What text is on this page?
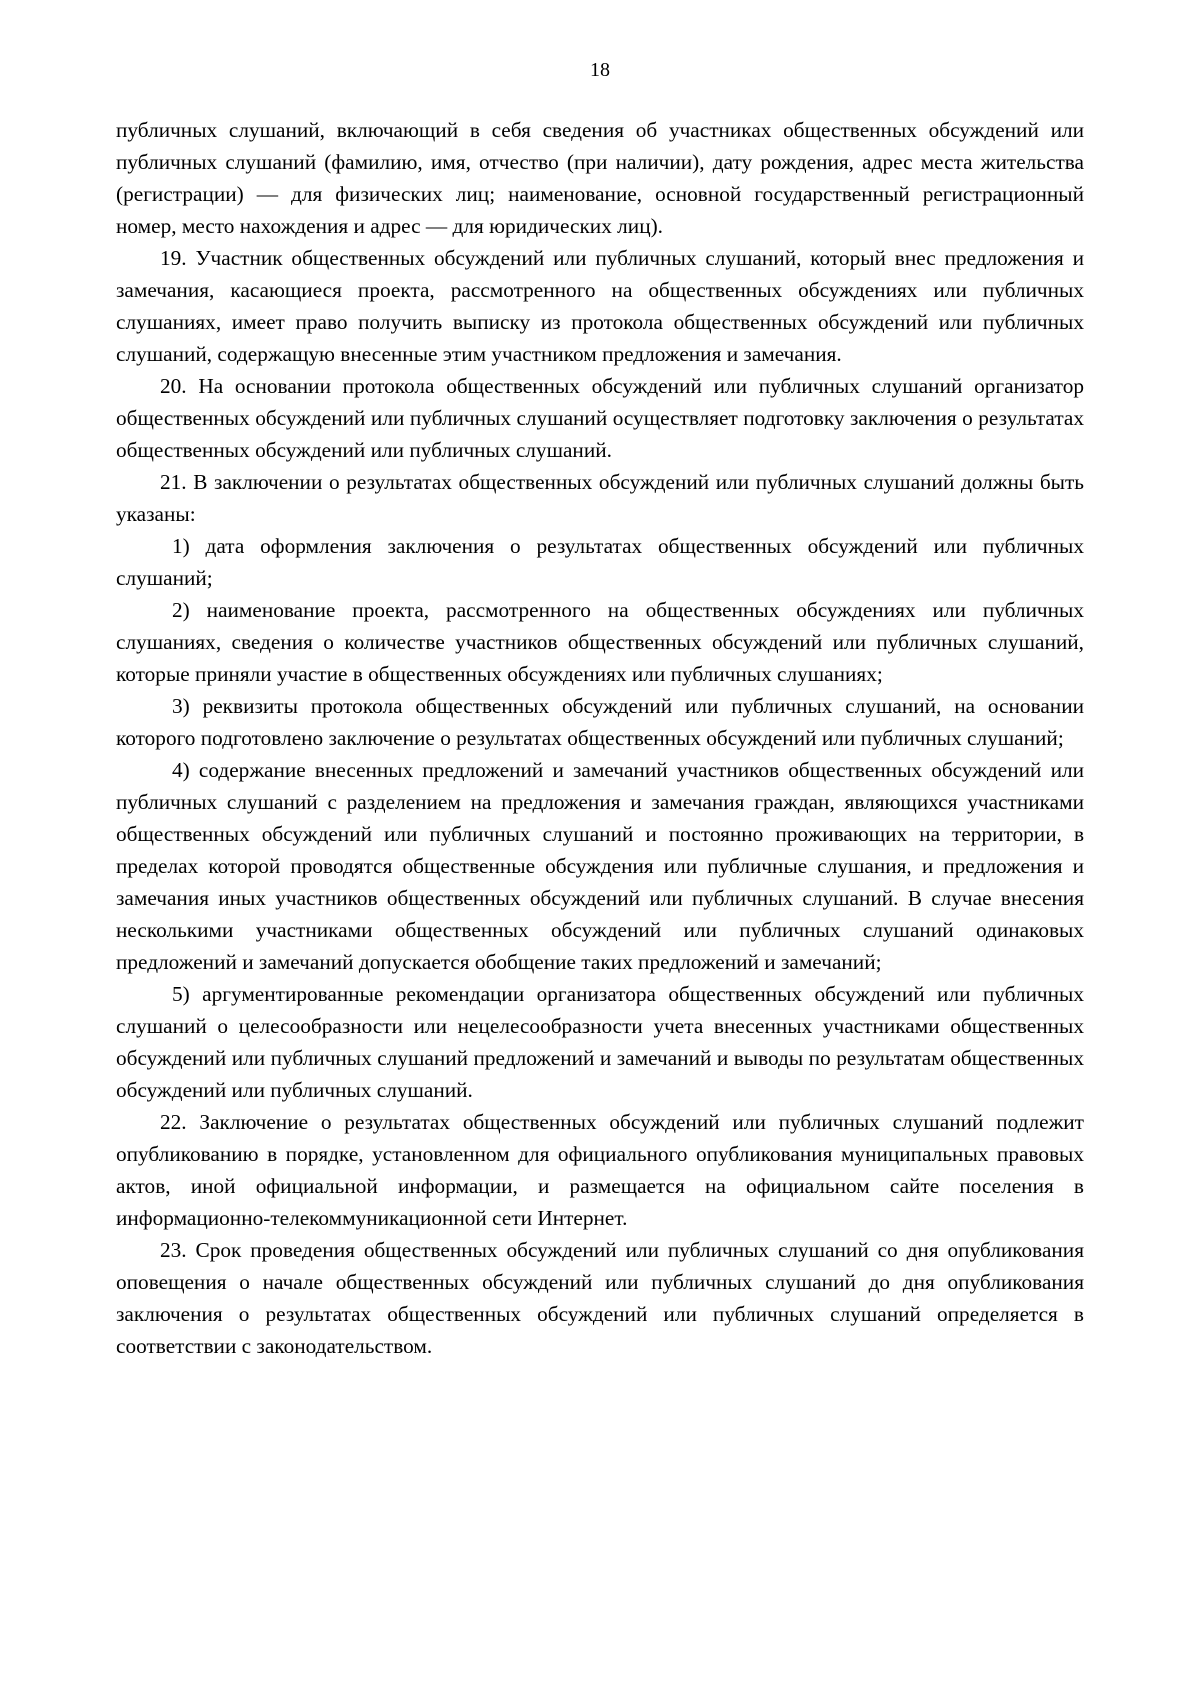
18

публичных слушаний, включающий в себя сведения об участниках общественных обсуждений или публичных слушаний (фамилию, имя, отчество (при наличии), дату рождения, адрес места жительства (регистрации) — для физических лиц; наименование, основной государственный регистрационный номер, место нахождения и адрес — для юридических лиц).

19. Участник общественных обсуждений или публичных слушаний, который внес предложения и замечания, касающиеся проекта, рассмотренного на общественных обсуждениях или публичных слушаниях, имеет право получить выписку из протокола общественных обсуждений или публичных слушаний, содержащую внесенные этим участником предложения и замечания.

20. На основании протокола общественных обсуждений или публичных слушаний организатор общественных обсуждений или публичных слушаний осуществляет подготовку заключения о результатах общественных обсуждений или публичных слушаний.

21. В заключении о результатах общественных обсуждений или публичных слушаний должны быть указаны:

1) дата оформления заключения о результатах общественных обсуждений или публичных слушаний;

2) наименование проекта, рассмотренного на общественных обсуждениях или публичных слушаниях, сведения о количестве участников общественных обсуждений или публичных слушаний, которые приняли участие в общественных обсуждениях или публичных слушаниях;

3) реквизиты протокола общественных обсуждений или публичных слушаний, на основании которого подготовлено заключение о результатах общественных обсуждений или публичных слушаний;

4) содержание внесенных предложений и замечаний участников общественных обсуждений или публичных слушаний с разделением на предложения и замечания граждан, являющихся участниками общественных обсуждений или публичных слушаний и постоянно проживающих на территории, в пределах которой проводятся общественные обсуждения или публичные слушания, и предложения и замечания иных участников общественных обсуждений или публичных слушаний. В случае внесения несколькими участниками общественных обсуждений или публичных слушаний одинаковых предложений и замечаний допускается обобщение таких предложений и замечаний;

5) аргументированные рекомендации организатора общественных обсуждений или публичных слушаний о целесообразности или нецелесообразности учета внесенных участниками общественных обсуждений или публичных слушаний предложений и замечаний и выводы по результатам общественных обсуждений или публичных слушаний.

22. Заключение о результатах общественных обсуждений или публичных слушаний подлежит опубликованию в порядке, установленном для официального опубликования муниципальных правовых актов, иной официальной информации, и размещается на официальном сайте поселения в информационно-телекоммуникационной сети Интернет.

23. Срок проведения общественных обсуждений или публичных слушаний со дня опубликования оповещения о начале общественных обсуждений или публичных слушаний до дня опубликования заключения о результатах общественных обсуждений или публичных слушаний определяется в соответствии с законодательством.
